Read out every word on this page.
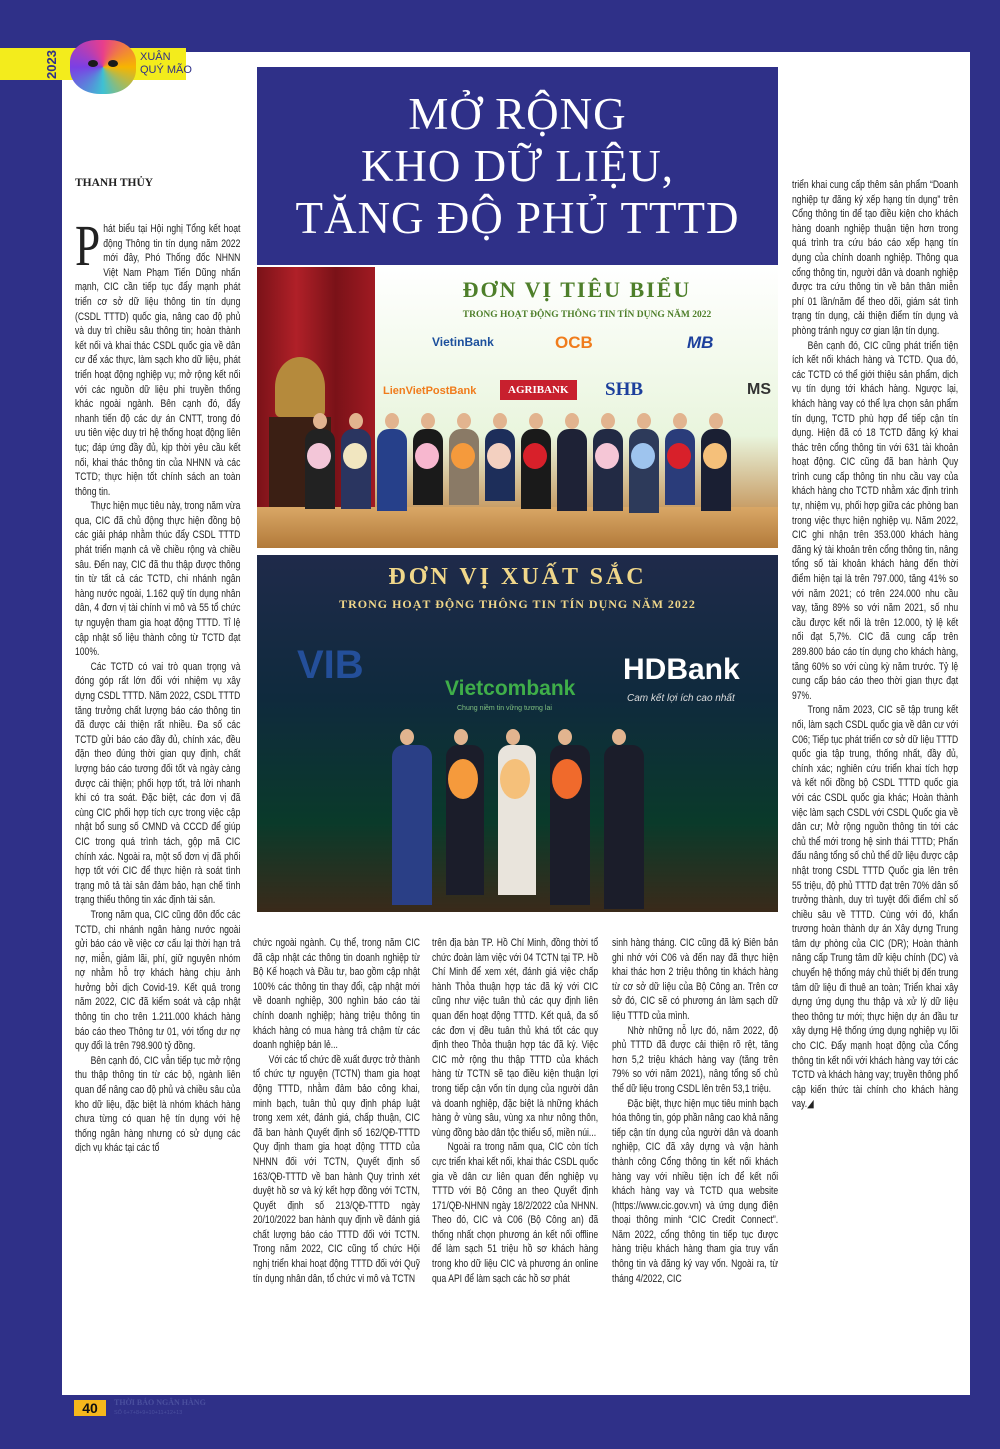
2023	XUÂN
QUÝ MÃO
MỞ RỘNG
KHO DỮ LIỆU,
TĂNG ĐỘ PHỦ TTTD
THANH THỦY
ĐƠN VỊ TIÊU BIỂU
TRONG HOẠT ĐỘNG THÔNG TIN TÍN DỤNG NĂM 2022
VietinBank	OCB	MB
LienVietPostBank	AGRIBANK	SHB	MS
ĐƠN VỊ XUẤT SẮC
TRONG HOẠT ĐỘNG THÔNG TIN TÍN DỤNG NĂM 2022
VIB
Vietcombank
Chung niềm tin vững tương lai
HDBank
Cam kết lợi ích cao nhất

Phát biểu tại Hội nghị Tổng kết hoạt động Thông tin tín dụng năm 2022 mới đây, Phó Thống đốc NHNN Việt Nam Phạm Tiến Dũng nhấn mạnh, CIC cần tiếp tục đẩy mạnh phát triển cơ sở dữ liệu thông tin tín dụng (CSDL TTTD) quốc gia, nâng cao độ phủ và duy trì chiều sâu thông tin; hoàn thành kết nối và khai thác CSDL quốc gia về dân cư để xác thực, làm sạch kho dữ liệu, phát triển hoạt động nghiệp vụ; mở rộng kết nối với các nguồn dữ liệu phi truyền thống khác ngoài ngành. Bên cạnh đó, đẩy nhanh tiến độ các dự án CNTT, trong đó ưu tiên việc duy trì hệ thống hoạt động liên tục; đáp ứng đầy đủ, kịp thời yêu cầu kết nối, khai thác thông tin của NHNN và các TCTD; thực hiện tốt chính sách an toàn thông tin.

Thực hiện mục tiêu này, trong năm vừa qua, CIC đã chủ động thực hiện đồng bộ các giải pháp nhằm thúc đẩy CSDL TTTD phát triển mạnh cả về chiều rộng và chiều sâu. Đến nay, CIC đã thu thập được thông tin từ tất cả các TCTD, chi nhánh ngân hàng nước ngoài, 1.162 quỹ tín dụng nhân dân, 4 đơn vị tài chính vi mô và 55 tổ chức tự nguyện tham gia hoạt động TTTD. Tỉ lệ cập nhật số liệu thành công từ TCTD đạt 100%.

Các TCTD có vai trò quan trọng và đóng góp rất lớn đối với nhiệm vụ xây dựng CSDL TTTD. Năm 2022, CSDL TTTD tăng trưởng chất lượng báo cáo thông tin đã được cải thiện rất nhiều. Đa số các TCTD gửi báo cáo đầy đủ, chính xác, đều đặn theo đúng thời gian quy định, chất lượng báo cáo tương đối tốt và ngày càng được cải thiện; phối hợp tốt, trả lời nhanh khi có tra soát. Đặc biệt, các đơn vị đã cùng CIC phối hợp tích cực trong việc cập nhật bổ sung số CMND và CCCD để giúp CIC trong quá trình tách, gộp mã CIC chính xác. Ngoài ra, một số đơn vị đã phối hợp tốt với CIC để thực hiện rà soát tình trạng mô tả tài sản đảm bảo, hạn chế tình trạng thiếu thông tin xác định tài sản.

Trong năm qua, CIC cũng đôn đốc các TCTD, chi nhánh ngân hàng nước ngoài gửi báo cáo về việc cơ cấu lại thời hạn trả nợ, miễn, giảm lãi, phí, giữ nguyên nhóm nợ nhằm hỗ trợ khách hàng chịu ảnh hưởng bởi dịch Covid-19. Kết quả trong năm 2022, CIC đã kiểm soát và cập nhật thông tin cho trên 1.211.000 khách hàng báo cáo theo Thông tư 01, với tổng dư nợ quy đổi là trên 798.900 tỷ đồng.

Bên cạnh đó, CIC vẫn tiếp tục mở rộng thu thập thông tin từ các bộ, ngành liên quan để nâng cao độ phủ và chiều sâu của kho dữ liệu, đặc biệt là nhóm khách hàng chưa từng có quan hệ tín dụng với hệ thống ngân hàng nhưng có sử dụng các dịch vụ khác tại các tổ

chức ngoài ngành. Cụ thể, trong năm CIC đã cập nhật các thông tin doanh nghiệp từ Bộ Kế hoạch và Đầu tư, bao gồm cập nhật 100% các thông tin thay đổi, cập nhật mới về doanh nghiệp, 300 nghìn báo cáo tài chính doanh nghiệp; hàng triệu thông tin khách hàng có mua hàng trả chậm từ các doanh nghiệp bán lẻ...

Với các tổ chức đề xuất được trở thành tổ chức tự nguyện (TCTN) tham gia hoạt động TTTD, nhằm đảm bảo công khai, minh bạch, tuân thủ quy định pháp luật trong xem xét, đánh giá, chấp thuận, CIC đã ban hành Quyết định số 162/QĐ-TTTD Quy định tham gia hoạt động TTTD của NHNN đối với TCTN, Quyết định số 163/QĐ-TTTD về ban hành Quy trình xét duyệt hồ sơ và ký kết hợp đồng với TCTN, Quyết định số 213/QĐ-TTTD ngày 20/10/2022 ban hành quy định về đánh giá chất lượng báo cáo TTTD đối với TCTN. Trong năm 2022, CIC cũng tổ chức Hội nghị triển khai hoạt động TTTD đối với Quỹ tín dụng nhân dân, tổ chức vi mô và TCTN

trên địa bàn TP. Hồ Chí Minh, đồng thời tổ chức đoàn làm việc với 04 TCTN tại TP. Hồ Chí Minh để xem xét, đánh giá việc chấp hành Thỏa thuận hợp tác đã ký với CIC cũng như việc tuân thủ các quy định liên quan đến hoạt động TTTD. Kết quả, đa số các đơn vị đều tuân thủ khá tốt các quy định theo Thỏa thuận hợp tác đã ký. Việc CIC mở rộng thu thập TTTD của khách hàng từ TCTN sẽ tạo điều kiện thuận lợi trong tiếp cận vốn tín dụng của người dân và doanh nghiệp, đặc biệt là những khách hàng ở vùng sâu, vùng xa như nông thôn, vùng đồng bào dân tộc thiểu số, miền núi...

Ngoài ra trong năm qua, CIC còn tích cực triển khai kết nối, khai thác CSDL quốc gia về dân cư liên quan đến nghiệp vụ TTTD với Bộ Công an theo Quyết định 171/QĐ-NHNN ngày 18/2/2022 của NHNN. Theo đó, CIC và C06 (Bộ Công an) đã thống nhất chọn phương án kết nối offline để làm sạch 51 triệu hồ sơ khách hàng trong kho dữ liệu CIC và phương án online qua API để làm sạch các hồ sơ phát

sinh hàng tháng. CIC cũng đã ký Biên bản ghi nhớ với C06 và đến nay đã thực hiện khai thác hơn 2 triệu thông tin khách hàng từ cơ sở dữ liệu của Bộ Công an. Trên cơ sở đó, CIC sẽ có phương án làm sạch dữ liệu TTTD của mình.

Nhờ những nỗ lực đó, năm 2022, độ phủ TTTD đã được cải thiện rõ rệt, tăng hơn 5,2 triệu khách hàng vay (tăng trên 79% so với năm 2021), nâng tổng số chủ thể dữ liệu trong CSDL lên trên 53,1 triệu.

Đặc biệt, thực hiện mục tiêu minh bạch hóa thông tin, góp phần nâng cao khả năng tiếp cận tín dụng của người dân và doanh nghiệp, CIC đã xây dựng và vận hành thành công Cổng thông tin kết nối khách hàng vay với nhiều tiện ích để kết nối khách hàng vay và TCTD qua website (https://www.cic.gov.vn) và ứng dụng điện thoại thông minh “CIC Credit Connect”. Năm 2022, cổng thông tin tiếp tục được hàng triệu khách hàng tham gia truy vấn thông tin và đăng ký vay vốn. Ngoài ra, từ tháng 4/2022, CIC

triển khai cung cấp thêm sản phẩm “Doanh nghiệp tự đăng ký xếp hạng tín dụng” trên Cổng thông tin để tạo điều kiện cho khách hàng doanh nghiệp thuận tiện hơn trong quá trình tra cứu báo cáo xếp hạng tín dụng của chính doanh nghiệp. Thông qua cổng thông tin, người dân và doanh nghiệp được tra cứu thông tin về bản thân miễn phí 01 lần/năm để theo dõi, giám sát tình trạng tín dụng, cải thiện điểm tín dụng và phòng tránh nguy cơ gian lận tín dụng.

Bên cạnh đó, CIC cũng phát triển tiện ích kết nối khách hàng và TCTD. Qua đó, các TCTD có thể giới thiệu sản phẩm, dịch vụ tín dụng tới khách hàng. Ngược lại, khách hàng vay có thể lựa chọn sản phẩm tín dụng, TCTD phù hợp để tiếp cận tín dụng. Hiện đã có 18 TCTD đăng ký khai thác trên cổng thông tin với 631 tài khoản hoạt động. CIC cũng đã ban hành Quy trình cung cấp thông tin nhu cầu vay của khách hàng cho TCTD nhằm xác định trình tự, nhiệm vụ, phối hợp giữa các phòng ban trong việc thực hiện nghiệp vụ. Năm 2022, CIC ghi nhận trên 353.000 khách hàng đăng ký tài khoản trên cổng thông tin, nâng tổng số tài khoản khách hàng đến thời điểm hiện tại là trên 797.000, tăng 41% so với năm 2021; có trên 224.000 nhu cầu vay, tăng 89% so với năm 2021, số nhu cầu được kết nối là trên 12.000, tỷ lệ kết nối đạt 5,7%. CIC đã cung cấp trên 289.800 báo cáo tín dụng cho khách hàng, tăng 60% so với cùng kỳ năm trước. Tỷ lệ cung cấp báo cáo theo thời gian thực đạt 97%.

Trong năm 2023, CIC sẽ tập trung kết nối, làm sạch CSDL quốc gia về dân cư với C06; Tiếp tục phát triển cơ sở dữ liệu TTTD quốc gia tập trung, thống nhất, đầy đủ, chính xác; nghiên cứu triển khai tích hợp và kết nối đồng bộ CSDL TTTD quốc gia với các CSDL quốc gia khác; Hoàn thành việc làm sạch CSDL với CSDL Quốc gia về dân cư; Mở rộng nguồn thông tin tới các chủ thể mới trong hệ sinh thái TTTD; Phấn đấu nâng tổng số chủ thể dữ liệu được cập nhật trong CSDL TTTD Quốc gia lên trên 55 triệu, độ phủ TTTD đạt trên 70% dân số trưởng thành, duy trì tuyệt đối điểm chỉ số chiều sâu về TTTD. Cùng với đó, khẩn trương hoàn thành dự án Xây dựng Trung tâm dự phòng của CIC (DR); Hoàn thành nâng cấp Trung tâm dữ kiệu chính (DC) và chuyển hệ thống máy chủ thiết bị đến trung tâm dữ liệu đi thuê an toàn; Triển khai xây dựng ứng dụng thu thập và xử lý dữ liệu theo thông tư mới; thực hiện dự án đầu tư xây dựng Hệ thống ứng dụng nghiệp vụ lõi cho CIC. Đẩy mạnh hoạt động của Cổng thông tin kết nối với khách hàng vay tới các TCTD và khách hàng vay; truyền thông phổ cập kiến thức tài chính cho khách hàng vay.◢

40	THỜI BÁO NGÂN HÀNG
SỐ 6+7+8+9+10+11+12+13
